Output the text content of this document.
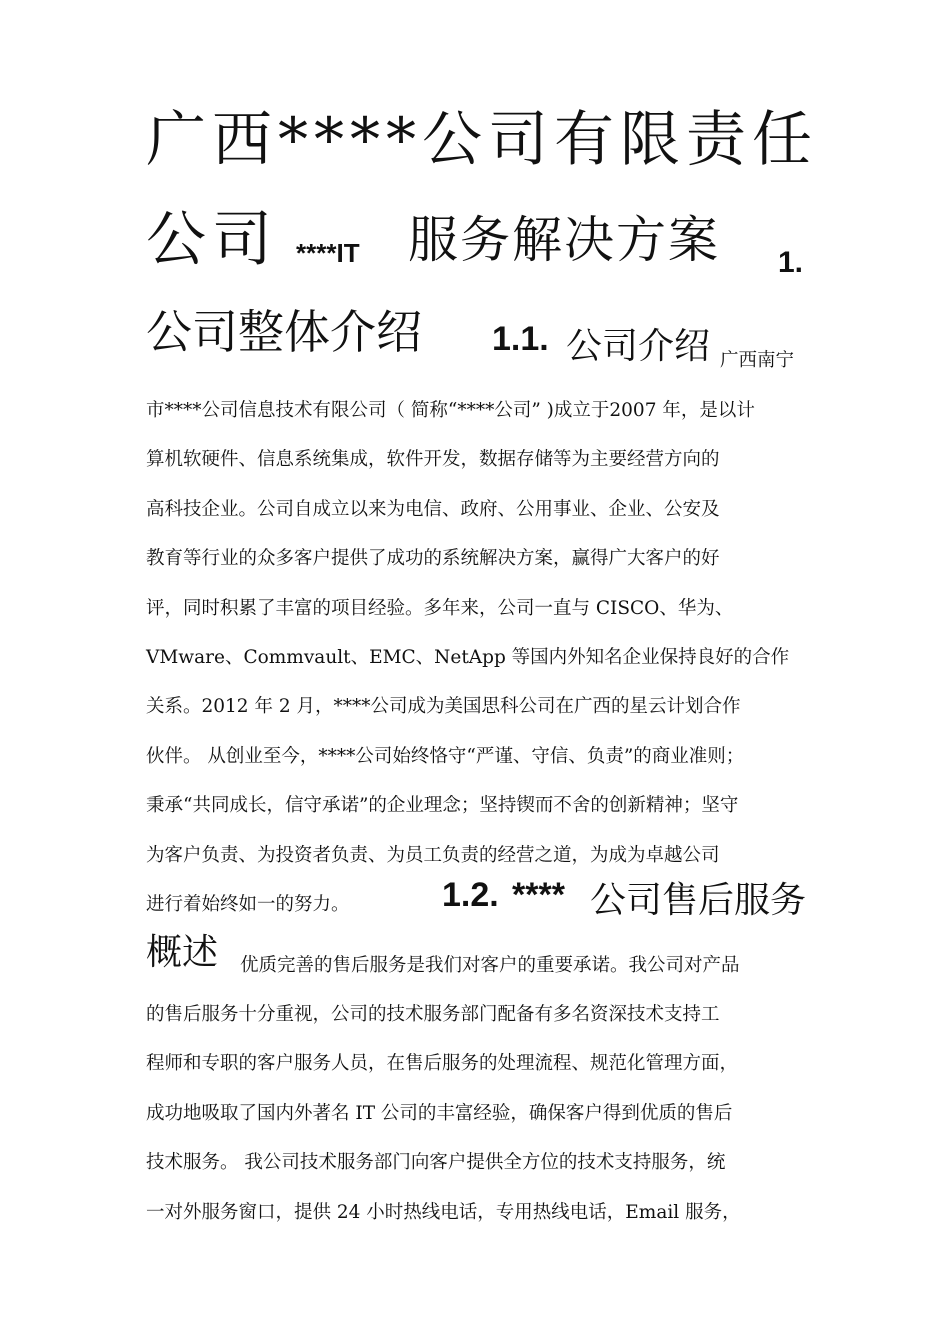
广西****公司有限责任
公司 ****IT 服务解决方案 1.
公司整体介绍 1.1. 公司介绍 广西南宁
市****公司信息技术有限公司（ 简称“****公司” )成立于2007 年，是以计
算机软硬件、信息系统集成，软件开发，数据存储等为主要经营方向的
高科技企业。公司自成立以来为电信、政府、公用事业、企业、公安及
教育等行业的众多客户提供了成功的系统解决方案，赢得广大客户的好
评，同时积累了丰富的项目经验。多年来，公司一直与 CISCO、华为、
VMware、Commvault、EMC、NetApp 等国内外知名企业保持良好的合作
关系。2012 年 2 月，****公司成为美国思科公司在广西的星云计划合作
伙伴。 从创业至今，****公司始终恪守“严谨、守信、负责”的商业准则；
秉承“共同成长，信守承诺”的企业理念；坚持锲而不舍的创新精神；坚守
为客户负责、为投资者负责、为员工负责的经营之道，为成为卓越公司
进行着始终如一的努力。	1.2. **** 公司售后服务
概述 优质完善的售后服务是我们对客户的重要承诺。我公司对产品
的售后服务十分重视，公司的技术服务部门配备有多名资深技术支持工
程师和专职的客户服务人员，在售后服务的处理流程、规范化管理方面，
成功地吸取了国内外著名 IT 公司的丰富经验，确保客户得到优质的售后
技术服务。 我公司技术服务部门向客户提供全方位的技术支持服务，统
一对外服务窗口，提供 24 小时热线电话，专用热线电话，Email 服务，
